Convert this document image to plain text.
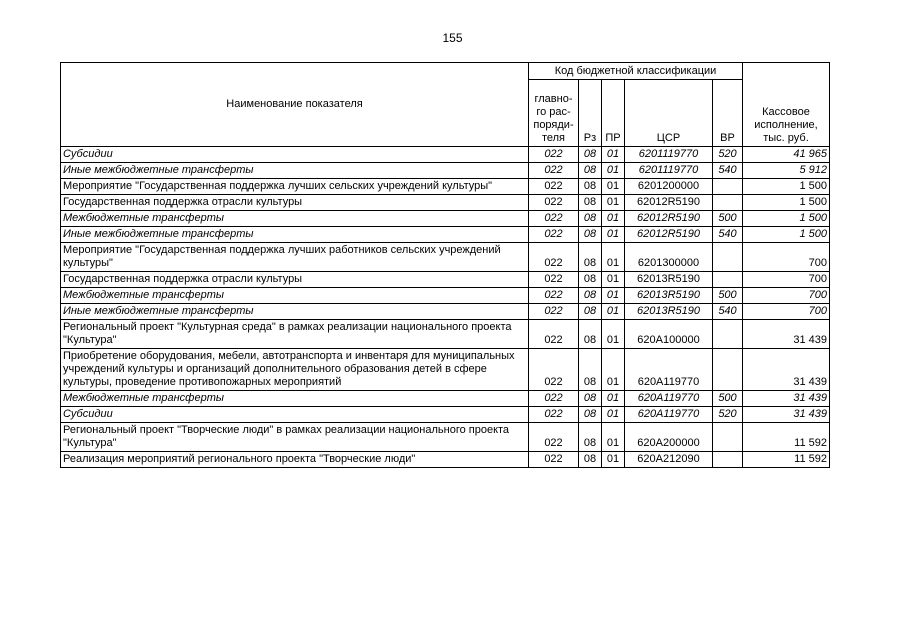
155
Наименование показателя	Код бюджетной классификации					Кассовое исполнение, тыс. руб.
	главно-
го рас-
поряди-
теля	Рз	ПР	ЦСР	ВР	
Субсидии	022	08	01	6201119770	520	41 965
Иные межбюджетные трансферты	022	08	01	6201119770	540	5 912
Мероприятие "Государственная поддержка лучших сельских учреждений культуры"	022	08	01	6201200000		1 500
Государственная поддержка отрасли культуры	022	08	01	62012R5190		1 500
Межбюджетные трансферты	022	08	01	62012R5190	500	1 500
Иные межбюджетные трансферты	022	08	01	62012R5190	540	1 500
Мероприятие "Государственная поддержка лучших работников сельских учреждений культуры"	022	08	01	6201300000		700
Государственная поддержка отрасли культуры	022	08	01	62013R5190		700
Межбюджетные трансферты	022	08	01	62013R5190	500	700
Иные межбюджетные трансферты	022	08	01	62013R5190	540	700
Региональный проект "Культурная среда" в рамках реализации национального проекта "Культура"	022	08	01	620A100000		31 439
Приобретение оборудования, мебели, автотранспорта и инвентаря для муниципальных учреждений культуры и организаций дополнительного образования детей в сфере культуры, проведение противопожарных мероприятий	022	08	01	620A119770		31 439
Межбюджетные трансферты	022	08	01	620A119770	500	31 439
Субсидии	022	08	01	620A119770	520	31 439
Региональный проект "Творческие люди" в рамках реализации национального проекта "Культура"	022	08	01	620A200000		11 592
Реализация мероприятий регионального проекта "Творческие люди"	022	08	01	620A212090		11 592
